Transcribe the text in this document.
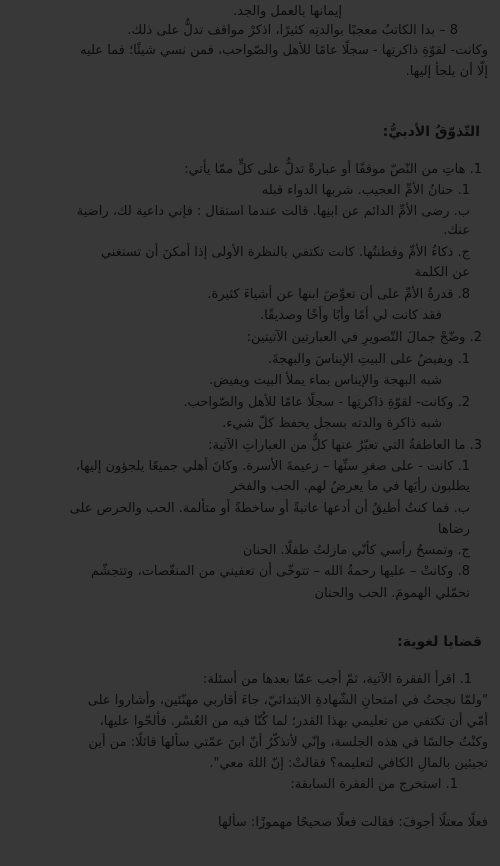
إيمانها بالعمل والجد.
8 – بدا الكاتبُ معجبًا بوالدتِه كثيرًا، اذكرْ مواقف تدلُّ على ذلك.
وكانت- لقوّةِ ذاكرتِها - سجلًا عامًا للأهل والصّواحب، فمن نسي شيئًا؛ فما عليه
إلّا أن يلجأ إليها.
التّذوّقُ الأدبيُّ:
1. هاتِ من النّصّ موقفًا أو عبارةً تدلُّ على كلٍّ ممّا يأتي:
1. حنانُ الأمِّ العجيب. شربها الدواء قبله
ب. رضى الأمِّ الدائم عن ابنِها. قالت عندما استقال : فإني داعية لك، راضية
عنك.
ج. ذكاءُ الأمِّ وفطنتُها. كانت تكتفي بالنظرة الأولى إذا أمكنَ أن تستغني
عن الكلمة
8. قدرةُ الأمِّ على أن تعوِّضَ ابنها عن أشياءَ كثيرة.
فقد كانت لي أمًا وأبًا وأخًا وصديقًا.
2. وضّحْ جمالَ التّصويرِ في العبارتين الآتيتين:
1. ويفيضُ على البيتِ الإيناسَ والبهجةَ.
شبه البهجة والإيناس بماء يملأ البيت ويفيض.
2. وكانت- لقوّةِ ذاكرتِها - سجلًا عامًا للأهل والصّواحب.
شبه ذاكرة والدته بسجل يحفظ كلّ شيء.
3. ما العاطفةُ التي تعبّرُ عنها كلٌّ من العباراتِ الآتية:
1. كانت - على صغرِ سنِّها – زعيمةَ الأسرة. وكانَ أهلي جميعًا يلجؤون إليها،
يطلبون رأيَها في ما يعرضُ لهم. الحب والفخر
ب. فما كنتُ أطيقُ أن أدعها عاتبةً أو ساخطةً أو متألمة. الحب والحرص على
رضاها
ج. وتمسحُ رأسي كأنّي مازلتُ طفلًا. الحنان
8. وكانتْ – عليها رحمةُ الله – تتوخّى أن تعفيني من المنغّصات، وتتجشّم
تحمّلي الهمومَ. الحب والحنان
قضايا لغوية:
1. اقرأ الفقرة الآتية، ثمّ أجب عمّا بعدها من أسئلة:
"ولمّا نجحتُ في امتحانِ الشّهادةِ الابتدائيّ، جاءَ أقاربي مهنّئين، وأشاروا على
أمّي أن تكتفي من تعليمي بهذا القدر؛ لما كُنّا فيه من العُسْر. فألحّوا عليها،
وكنْتُ جالسًا في هذه الجلسة، وإنّي لأتذكّرُ أنّ ابنَ عمّتي سألها قائلًا: من أين
تجيئين بالمالِ الكافي لتعليمه؟ فقالتْ: إنّ اللهَ معي".
1. استخرج من الفقرة السابقة:
فعلًا معتلًا أجوفَ: فقالت فعلًا صحيحًا مهموزًا: سألها
